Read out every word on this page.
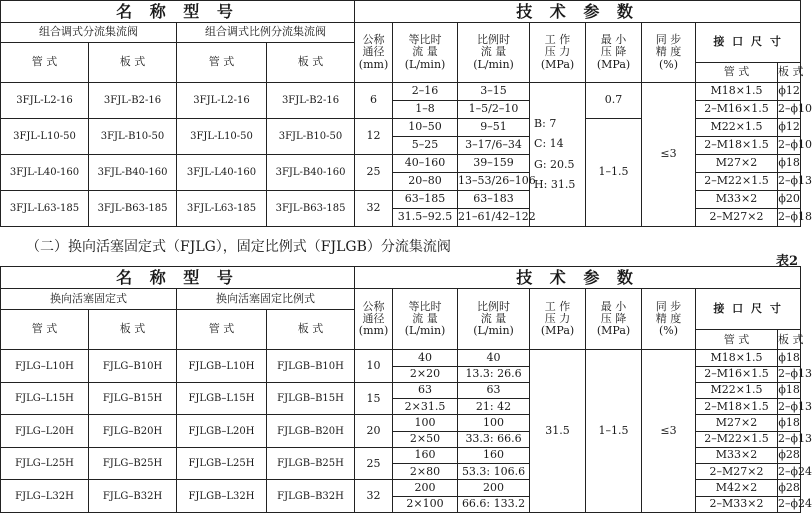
名 称 型 号				技 术 参 数							
组合调式分流集流阀		组合调式比例分流集流阀		公称
通径
(mm)	等比时
流 量
(L/min)	比例时
流 量
(L/min)	工 作
压 力
(MPa)	最 小
压 降
(MPa)	同 步
精 度
(%)	接 口 尺 寸	
管 式	板 式	管 式	板 式								
										管 式	板 式
3FJL-L2-16	3FJL-B2-16	3FJL-L2-16	3FJL-B2-16	6	2–16	3–15	B: 7
C: 14
G: 20.5
H: 31.5	0.7	≤3	M18×1.5	ϕ12
					1–8	1–5/2–10				2–M16×1.5	2–ϕ10
3FJL-L10-50	3FJL-B10-50	3FJL-L10-50	3FJL-B10-50	12	10–50	9–51		1–1.5		M22×1.5	ϕ12
					5–25	3–17/6–34				2–M18×1.5	2–ϕ10
3FJL-L40-160	3FJL-B40-160	3FJL-L40-160	3FJL-B40-160	25	40–160	39–159				M27×2	ϕ18
					20–80	13–53/26–106				2–M22×1.5	2–ϕ13
3FJL-L63-185	3FJL-B63-185	3FJL-L63-185	3FJL-B63-185	32	63–185	63–183				M33×2	ϕ20
					31.5–92.5	21–61/42–122				2–M27×2	2–ϕ18
（二）换向活塞固定式（FJLG），固定比例式（FJLGB）分流集流阀
表2
名 称 型 号				技 术 参 数							
换向活塞固定式		换向活塞固定比例式		公称
通径
(mm)	等比时
流 量
(L/min)	比例时
流 量
(L/min)	工 作
压 力
(MPa)	最 小
压 降
(MPa)	同 步
精 度
(%)	接 口 尺 寸	
管 式	板 式	管 式	板 式								
										管 式	板 式
FJLG–L10H	FJLG–B10H	FJLGB–L10H	FJLGB–B10H	10	40	40	31.5	1–1.5	≤3	M18×1.5	ϕ18
					2×20	13.3: 26.6				2–M16×1.5	2–ϕ13
FJLG–L15H	FJLG–B15H	FJLGB–L15H	FJLGB–B15H	15	63	63				M22×1.5	ϕ18
					2×31.5	21: 42				2–M18×1.5	2–ϕ13
FJLG–L20H	FJLG–B20H	FJLGB–L20H	FJLGB–B20H	20	100	100				M27×2	ϕ18
					2×50	33.3: 66.6				2–M22×1.5	2–ϕ13
FJLG–L25H	FJLG–B25H	FJLGB–L25H	FJLGB–B25H	25	160	160				M33×2	ϕ28
					2×80	53.3: 106.6				2–M27×2	2–ϕ24
FJLG–L32H	FJLG–B32H	FJLGB–L32H	FJLGB–B32H	32	200	200				M42×2	ϕ28
					2×100	66.6: 133.2				2–M33×2	2–ϕ24
